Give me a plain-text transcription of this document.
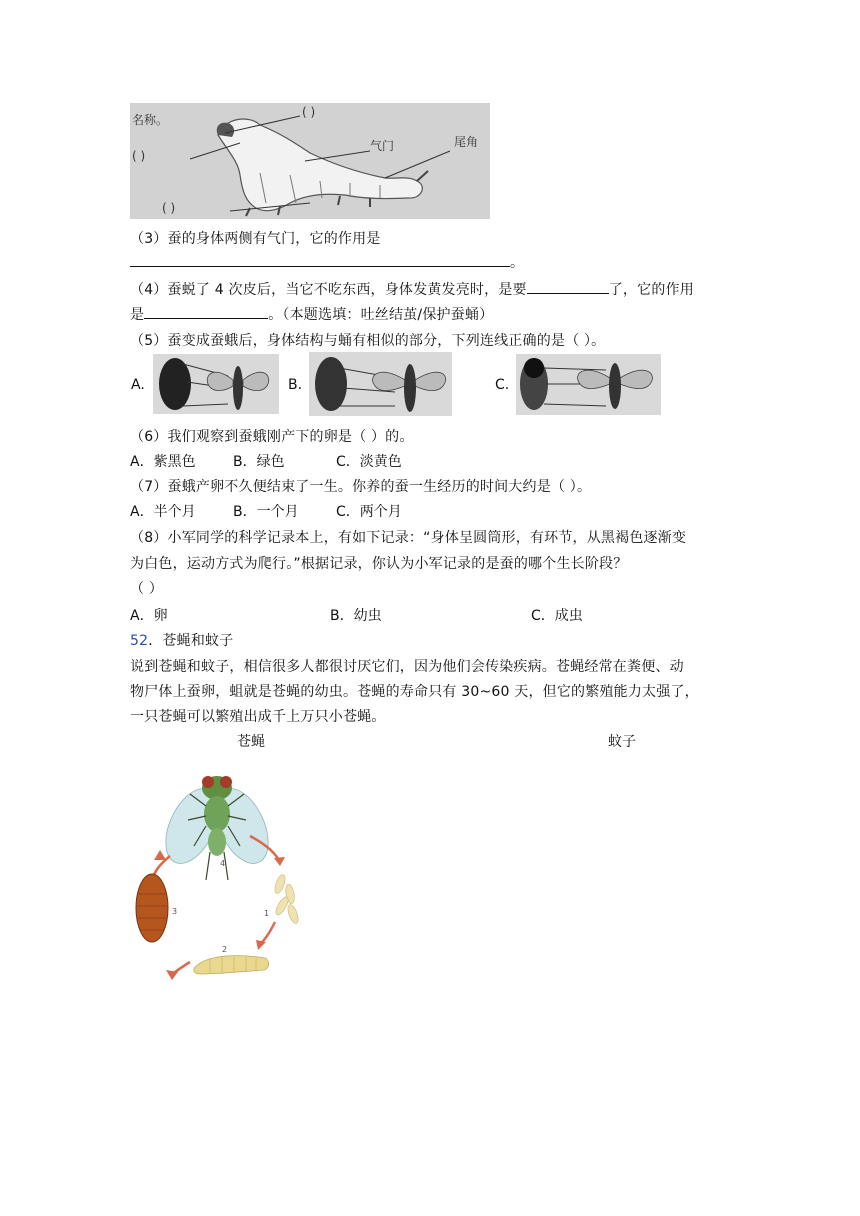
名称。
( )
( )
( )
气门	尾角
（3）蚕的身体两侧有气门，它的作用是
。
（4）蚕蜕了 4 次皮后，当它不吃东西，身体发黄发亮时，是要	了，它的作用
是	。（本题选填：吐丝结茧/保护蚕蛹）
（5）蚕变成蚕蛾后，身体结构与蛹有相似的部分，下列连线正确的是（ ）。
A.	B.	C.
（6）我们观察到蚕蛾刚产下的卵是（ ）的。
A．紫黑色	B．绿色	C．淡黄色
（7）蚕蛾产卵不久便结束了一生。你养的蚕一生经历的时间大约是（ ）。
A．半个月	B．一个月	C．两个月
（8）小军同学的科学记录本上，有如下记录：“身体呈圆筒形，有环节，从黑褐色逐渐变
为白色，运动方式为爬行。”根据记录，你认为小军记录的是蚕的哪个生长阶段？
（ ）
A．卵	B．幼虫	C．成虫
52．苍蝇和蚊子
说到苍蝇和蚊子，相信很多人都很讨厌它们，因为他们会传染疾病。苍蝇经常在粪便、动
物尸体上蚕卵，蛆就是苍蝇的幼虫。苍蝇的寿命只有 30~60 天，但它的繁殖能力太强了，
一只苍蝇可以繁殖出成千上万只小苍蝇。
苍蝇	蚊子
4
1
2
3
